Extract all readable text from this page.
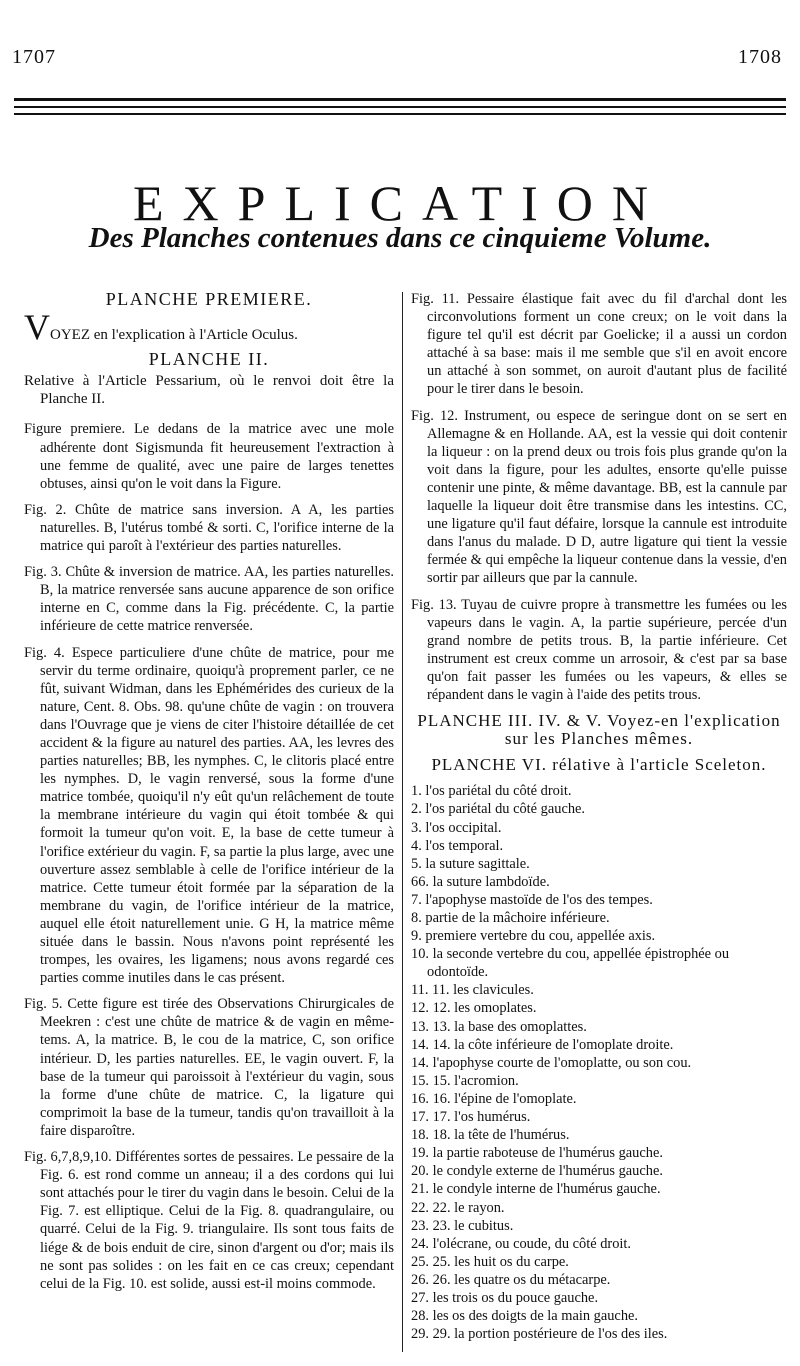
1707	1708
EXPLICATION
Des Planches contenues dans ce cinquieme Volume.
PLANCHE PREMIERE.
VOYEZ en l'explication à l'Article Oculus.
PLANCHE II.
Relative à l'Article Pessarium, où le renvoi doit être la Planche II.
Figure premiere. Le dedans de la matrice avec une mole adhérente dont Sigismunda fit heureusement l'extraction à une femme de qualité, avec une paire de larges tenettes obtuses, ainsi qu'on le voit dans la Figure.
Fig. 2. Chûte de matrice sans inversion. A A, les parties naturelles. B, l'utérus tombé & sorti. C, l'orifice interne de la matrice qui paroît à l'extérieur des parties naturelles.
Fig. 3. Chûte & inversion de matrice. AA, les parties naturelles. B, la matrice renversée sans aucune apparence de son orifice interne en C, comme dans la Fig. précédente. C, la partie inférieure de cette matrice renversée.
Fig. 4. Espece particuliere d'une chûte de matrice, pour me servir du terme ordinaire, quoiqu'à proprement parler, ce ne fût, suivant Widman, dans les Ephémérides des curieux de la nature, Cent. 8. Obs. 98. qu'une chûte de vagin : on trouvera dans l'Ouvrage que je viens de citer l'histoire détaillée de cet accident & la figure au naturel des parties. AA, les levres des parties naturelles; BB, les nymphes. C, le clitoris placé entre les nymphes. D, le vagin renversé, sous la forme d'une matrice tombée, quoiqu'il n'y eût qu'un relâchement de toute la membrane intérieure du vagin qui étoit tombée & qui formoit la tumeur qu'on voit. E, la base de cette tumeur à l'orifice extérieur du vagin. F, sa partie la plus large, avec une ouverture assez semblable à celle de l'orifice intérieur de la matrice. Cette tumeur étoit formée par la séparation de la membrane du vagin, de l'orifice intérieur de la matrice, auquel elle étoit naturellement unie. G H, la matrice même située dans le bassin. Nous n'avons point représenté les trompes, les ovaires, les ligamens; nous avons regardé ces parties comme inutiles dans le cas présent.
Fig. 5. Cette figure est tirée des Observations Chirurgicales de Meekren : c'est une chûte de matrice & de vagin en même-tems. A, la matrice. B, le cou de la matrice, C, son orifice intérieur. D, les parties naturelles. EE, le vagin ouvert. F, la base de la tumeur qui paroissoit à l'extérieur du vagin, sous la forme d'une chûte de matrice. C, la ligature qui comprimoit la base de la tumeur, tandis qu'on travailloit à la faire disparoître.
Fig. 6,7,8,9,10. Différentes sortes de pessaires. Le pessaire de la Fig. 6. est rond comme un anneau; il a des cordons qui lui sont attachés pour le tirer du vagin dans le besoin. Celui de la Fig. 7. est elliptique. Celui de la Fig. 8. quadrangulaire, ou quarré. Celui de la Fig. 9. triangulaire. Ils sont tous faits de liége & de bois enduit de cire, sinon d'argent ou d'or; mais ils ne sont pas solides : on les fait en ce cas creux; cependant celui de la Fig. 10. est solide, aussi est-il moins commode.
Fig. 11. Pessaire élastique fait avec du fil d'archal dont les circonvolutions forment un cone creux; on le voit dans la figure tel qu'il est décrit par Goelicke; il a aussi un cordon attaché à sa base: mais il me semble que s'il en avoit encore un attaché à son sommet, on auroit d'autant plus de facilité pour le tirer dans le besoin.
Fig. 12. Instrument, ou espece de seringue dont on se sert en Allemagne & en Hollande. AA, est la vessie qui doit contenir la liqueur : on la prend deux ou trois fois plus grande qu'on la voit dans la figure, pour les adultes, ensorte qu'elle puisse contenir une pinte, & même davantage. BB, est la cannule par laquelle la liqueur doit être transmise dans les intestins. CC, une ligature qu'il faut défaire, lorsque la cannule est introduite dans l'anus du malade. D D, autre ligature qui tient la vessie fermée & qui empêche la liqueur contenue dans la vessie, d'en sortir par ailleurs que par la cannule.
Fig. 13. Tuyau de cuivre propre à transmettre les fumées ou les vapeurs dans le vagin. A, la partie supérieure, percée d'un grand nombre de petits trous. B, la partie inférieure. Cet instrument est creux comme un arrosoir, & c'est par sa base qu'on fait passer les fumées ou les vapeurs, & elles se répandent dans le vagin à l'aide des petits trous.
PLANCHE III. IV. & V. Voyez-en l'explication sur les Planches mêmes.
PLANCHE VI. rélative à l'article Sceleton.
1. l'os pariétal du côté droit.
2. l'os pariétal du côté gauche.
3. l'os occipital.
4. l'os temporal.
5. la suture sagittale.
66. la suture lambdoïde.
7. l'apophyse mastoïde de l'os des tempes.
8. partie de la mâchoire inférieure.
9. premiere vertebre du cou, appellée axis.
10. la seconde vertebre du cou, appellée épistrophée ou odontoïde.
11. 11. les clavicules.
12. 12. les omoplates.
13. 13. la base des omoplattes.
14. 14. la côte inférieure de l'omoplate droite.
14. l'apophyse courte de l'omoplatte, ou son cou.
15. 15. l'acromion.
16. 16. l'épine de l'omoplate.
17. 17. l'os humérus.
18. 18. la tête de l'humérus.
19. la partie raboteuse de l'humérus gauche.
20. le condyle externe de l'humérus gauche.
21. le condyle interne de l'humérus gauche.
22. 22. le rayon.
23. 23. le cubitus.
24. l'olécrane, ou coude, du côté droit.
25. 25. les huit os du carpe.
26. 26. les quatre os du métacarpe.
27. les trois os du pouce gauche.
28. les os des doigts de la main gauche.
29. 29. la portion postérieure de l'os des iles.
